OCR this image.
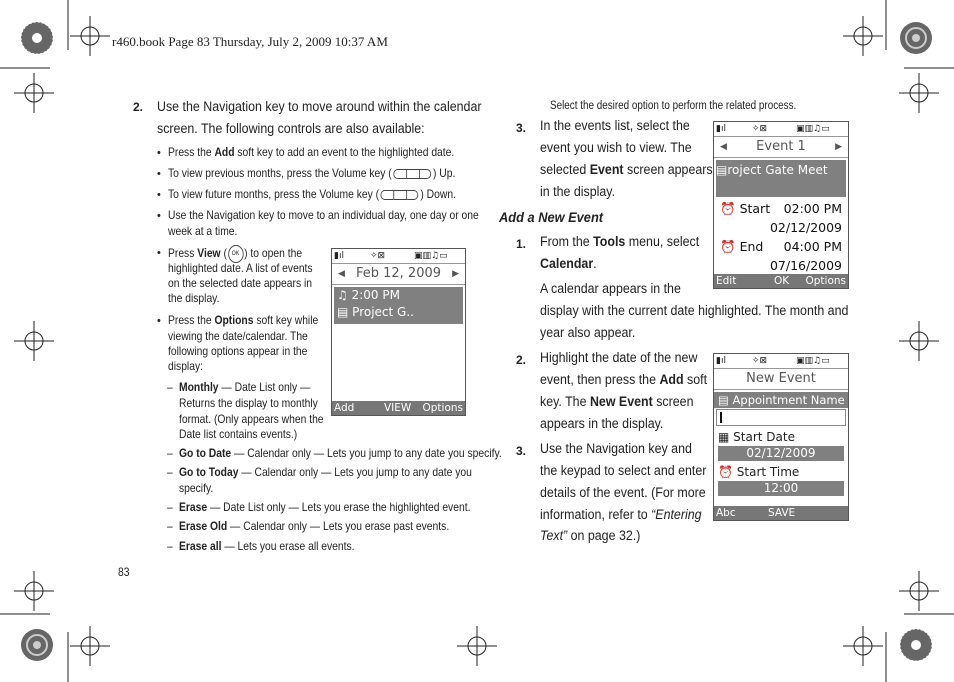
r460.book Page 83 Thursday, July 2, 2009 10:37 AM
2. Use the Navigation key to move around within the calendar
screen. The following controls are also available:
• Press the Add soft key to add an event to the highlighted date.
• To view previous months, press the Volume key (	) Up.
• To view future months, press the Volume key (	) Down.
• Use the Navigation key to move to an individual day, one day or one
week at a time.
• Press View ( OK ) to open the
highlighted date. A list of events
on the selected date appears in
the display.
• Press the Options soft key while
viewing the date/calendar. The
following options appear in the
display:
– Monthly — Date List only —
Returns the display to monthly
format. (Only appears when the
Date list contains events.)
– Go to Date — Calendar only — Lets you jump to any date you specify.
– Go to Today — Calendar only — Lets you jump to any date you
specify.
– Erase — Date List only — Lets you erase the highlighted event.
– Erase Old — Calendar only — Lets you erase past events.
– Erase all — Lets you erase all events.
83
▮ıl	✧⊠	▣▥♫▭
◀ Feb 12, 2009 ▶
♫ 2:00 PM
▤ Project G..
Add	VIEW Options
Select the desired option to perform the related process.
3. In the events list, select the
event you wish to view. The
selected Event screen appears
in the display.
Add a New Event
1. From the Tools menu, select
Calendar.
A calendar appears in the
display with the current date highlighted. The month and
year also appear.
2. Highlight the date of the new
event, then press the Add soft
key. The New Event screen
appears in the display.
3. Use the Navigation key and
the keypad to select and enter
details of the event. (For more
information, refer to “Entering
Text” on page 32.)
▮ıl	✧⊠	▣▥♫▭
◀ Event 1	▶
▤roject Gate Meet
⏰ Start 02:00 PM
02/12/2009
⏰ End 04:00 PM
07/16/2009
Edit	OK Options
▮ıl	✧⊠	▣▥♫▭
New Event
▤ Appointment Name
▦ Start Date
02/12/2009
⏰ Start Time
12:00
Abc	SAVE
